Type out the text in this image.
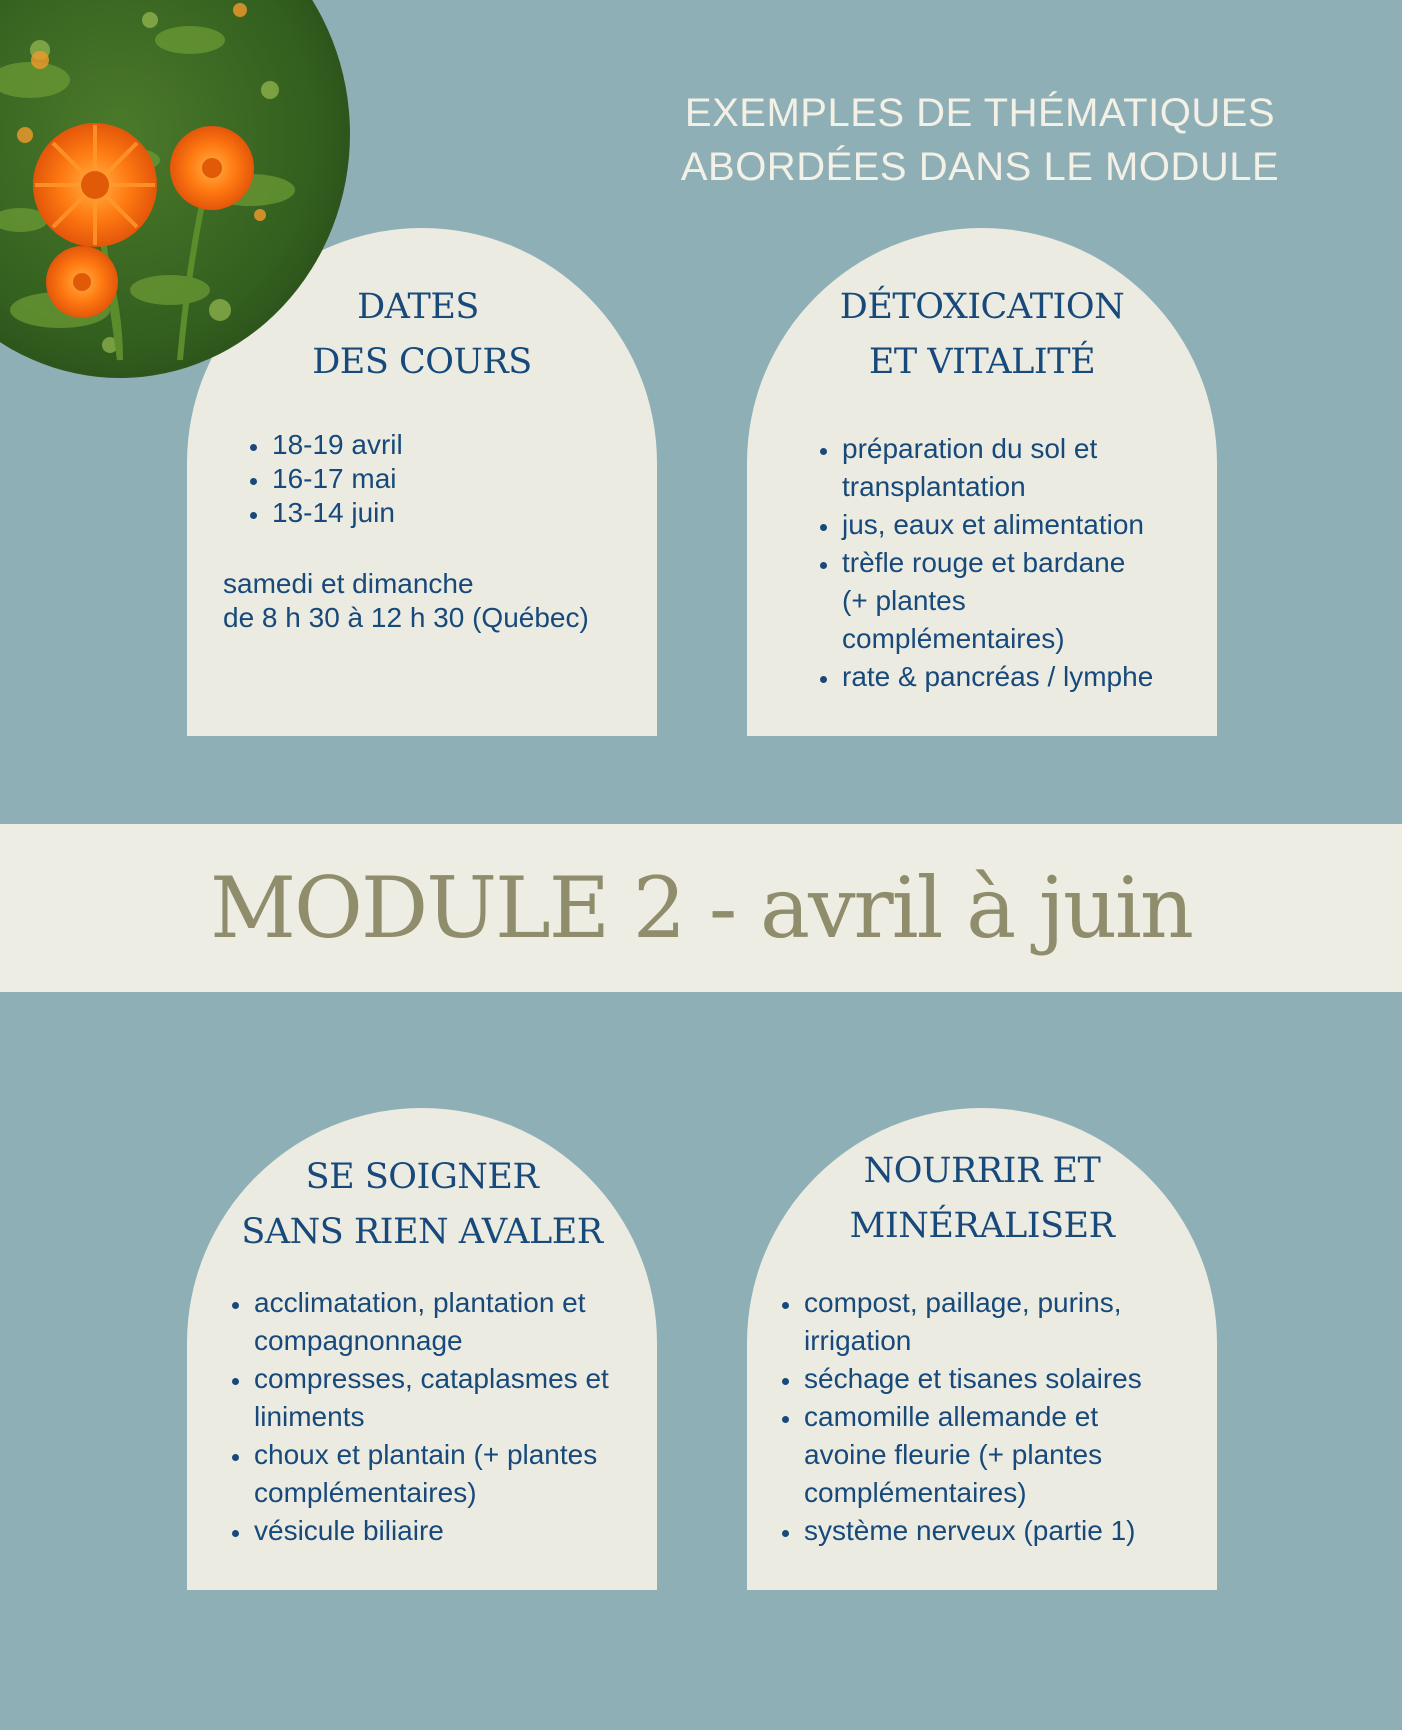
EXEMPLES DE THÉMATIQUES
ABORDÉES DANS LE MODULE
DATES
DES COURS
• 18-19 avril
• 16-17 mai
• 13-14 juin
samedi et dimanche
de 8 h 30 à 12 h 30 (Québec)
DÉTOXICATION
ET VITALITÉ
• préparation du sol et transplantation
• jus, eaux et alimentation
• trèfle rouge et bardane (+ plantes complémentaires)
• rate & pancréas / lymphe
MODULE 2 - avril à juin
SE SOIGNER
SANS RIEN AVALER
• acclimatation, plantation et compagnonnage
• compresses, cataplasmes et liniments
• choux et plantain (+ plantes complémentaires)
• vésicule biliaire
NOURRIR ET
MINÉRALISER
• compost, paillage, purins, irrigation
• séchage et tisanes solaires
• camomille allemande et avoine fleurie (+ plantes complémentaires)
• système nerveux (partie 1)
